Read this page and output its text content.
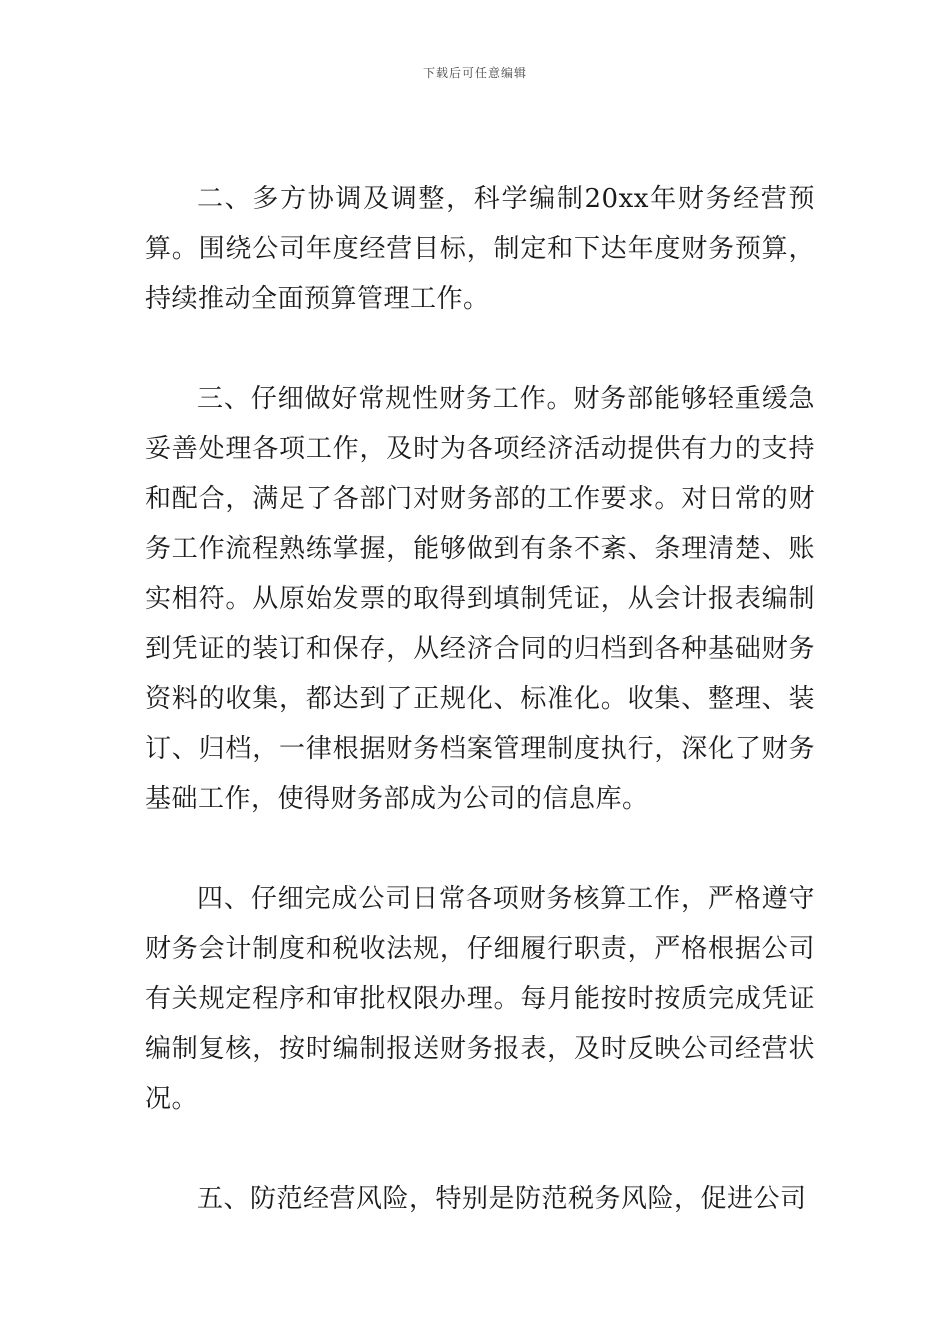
下载后可任意编辑

二、多方协调及调整，科学编制20xx年财务经营预算。围绕公司年度经营目标，制定和下达年度财务预算，持续推动全面预算管理工作。

三、仔细做好常规性财务工作。财务部能够轻重缓急妥善处理各项工作，及时为各项经济活动提供有力的支持和配合，满足了各部门对财务部的工作要求。对日常的财务工作流程熟练掌握，能够做到有条不紊、条理清楚、账实相符。从原始发票的取得到填制凭证，从会计报表编制到凭证的装订和保存，从经济合同的归档到各种基础财务资料的收集，都达到了正规化、标准化。收集、整理、装订、归档，一律根据财务档案管理制度执行，深化了财务基础工作，使得财务部成为公司的信息库。

四、仔细完成公司日常各项财务核算工作，严格遵守财务会计制度和税收法规，仔细履行职责，严格根据公司有关规定程序和审批权限办理。每月能按时按质完成凭证编制复核，按时编制报送财务报表，及时反映公司经营状况。

五、防范经营风险，特别是防范税务风险，促进公司
